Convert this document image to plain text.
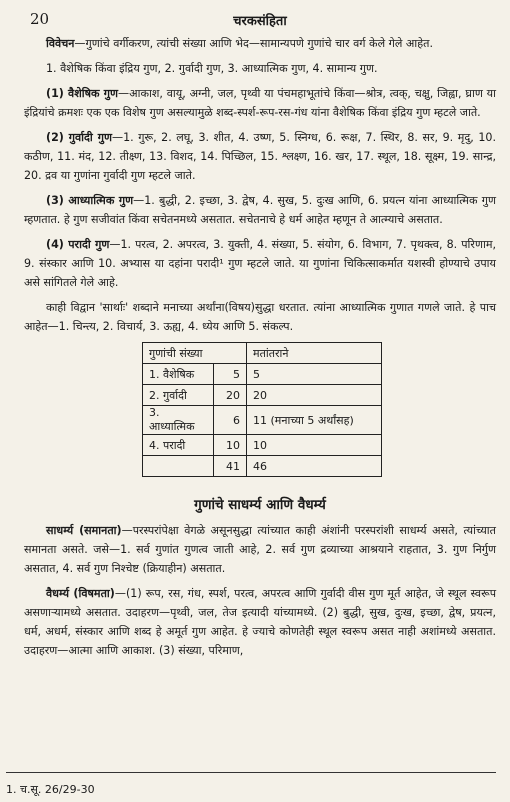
20	चरकसंहिता

विवेचन—गुणांचे वर्गीकरण, त्यांची संख्या आणि भेद—सामान्यपणे गुणांचे चार वर्ग केले गेले आहेत.

1. वैशेषिक किंवा इंद्रिय गुण, 2. गुर्वादी गुण, 3. आध्यात्मिक गुण, 4. सामान्य गुण.

(1) वैशेषिक गुण—आकाश, वायू, अग्नी, जल, पृथ्वी या पंचमहाभूतांचे किंवा—श्रोत्र, त्वक्, चक्षु, जिह्वा, घ्राण या इंद्रियांचे क्रमशः एक एक विशेष गुण असल्यामुळे शब्द-स्पर्श-रूप-रस-गंध यांना वैशेषिक किंवा इंद्रिय गुण म्हटले जाते.

(2) गुर्वादी गुण—1. गुरू, 2. लघू, 3. शीत, 4. उष्ण, 5. स्निग्ध, 6. रूक्ष, 7. स्थिर, 8. सर, 9. मृदु, 10. कठीण, 11. मंद, 12. तीक्ष्ण, 13. विशद, 14. पिच्छिल, 15. श्लक्ष्ण, 16. खर, 17. स्थूल, 18. सूक्ष्म, 19. सान्द्र, 20. द्रव या गुणांना गुर्वादी गुण म्हटले जाते.

(3) आध्यात्मिक गुण—1. बुद्धी, 2. इच्छा, 3. द्वेष, 4. सुख, 5. दुःख आणि, 6. प्रयत्न यांना आध्यात्मिक गुण म्हणतात. हे गुण सजीवांत किंवा सचेतनमध्ये असतात. सचेतनाचे हे धर्म आहेत म्हणून ते आत्म्याचे असतात.

(4) परादी गुण—1. परत्व, 2. अपरत्व, 3. युक्ती, 4. संख्या, 5. संयोग, 6. विभाग, 7. पृथक्त्व, 8. परिणाम, 9. संस्कार आणि 10. अभ्यास या दहांना परादी¹ गुण म्हटले जाते. या गुणांना चिकित्साकर्मात यशस्वी होण्याचे उपाय असे सांगितले गेले आहे.

काही विद्वान 'सार्थाः' शब्दाने मनाच्या अर्थांना(विषय)सुद्धा धरतात. त्यांना आध्यात्मिक गुणात गणले जाते. हे पाच आहेत—1. चिन्त्य, 2. विचार्य, 3. ऊह्य, 4. ध्येय आणि 5. संकल्प.

गुणांची संख्या		मतांतराने
1. वैशेषिक	5	5
2. गुर्वादी	20	20
3. आध्यात्मिक	6	11 (मनाच्या 5 अर्थांसह)
4. परादी	10	10
	41	46
गुणांचे साधर्म्य आणि वैधर्म्य

साधर्म्य (समानता)—परस्परांपेक्षा वेगळे असूनसुद्धा त्यांच्यात काही अंशांनी परस्परांशी साधर्म्य असते, त्यांच्यात समानता असते. जसे—1. सर्व गुणांत गुणत्व जाती आहे, 2. सर्व गुण द्रव्याच्या आश्रयाने राहतात, 3. गुण निर्गुण असतात, 4. सर्व गुण निश्चेष्ट (क्रियाहीन) असतात.

वैधर्म्य (विषमता)—(1) रूप, रस, गंध, स्पर्श, परत्व, अपरत्व आणि गुर्वादी वीस गुण मूर्त आहेत, जे स्थूल स्वरूप असणाऱ्यामध्ये असतात. उदाहरण—पृथ्वी, जल, तेज इत्यादी यांच्यामध्ये. (2) बुद्धी, सुख, दुःख, इच्छा, द्वेष, प्रयत्न, धर्म, अधर्म, संस्कार आणि शब्द हे अमूर्त गुण आहेत. हे ज्याचे कोणतेही स्थूल स्वरूप असत नाही अशांमध्ये असतात. उदाहरण—आत्मा आणि आकाश. (3) संख्या, परिमाण,

1. च.सू. 26/29-30
